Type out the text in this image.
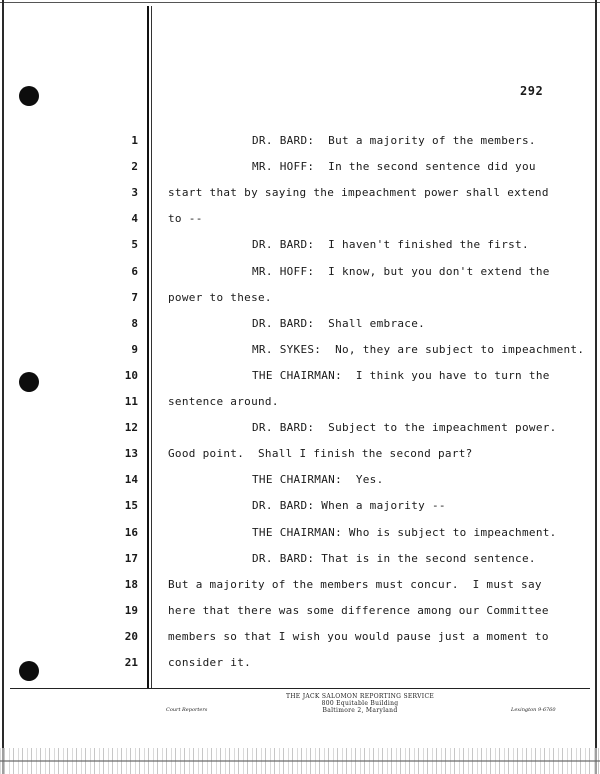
292
1	DR. BARD:  But a majority of the members.
2	MR. HOFF:  In the second sentence did you
3	start that by saying the impeachment power shall extend
4	to --
5	DR. BARD:  I haven't finished the first.
6	MR. HOFF:  I know, but you don't extend the
7	power to these.
8	DR. BARD:  Shall embrace.
9	MR. SYKES:  No, they are subject to impeachment.
10	THE CHAIRMAN:  I think you have to turn the
11	sentence around.
12	DR. BARD:  Subject to the impeachment power.
13	Good point.  Shall I finish the second part?
14	THE CHAIRMAN:  Yes.
15	DR. BARD: When a majority --
16	THE CHAIRMAN: Who is subject to impeachment.
17	DR. BARD: That is in the second sentence.
18	But a majority of the members must concur.  I must say
19	here that there was some difference among our Committee
20	members so that I wish you would pause just a moment to
21	consider it.
THE JACK SALOMON REPORTING SERVICE
800 Equitable Building
Baltimore 2, Maryland
Court Reporters	Lexington 9-6760
